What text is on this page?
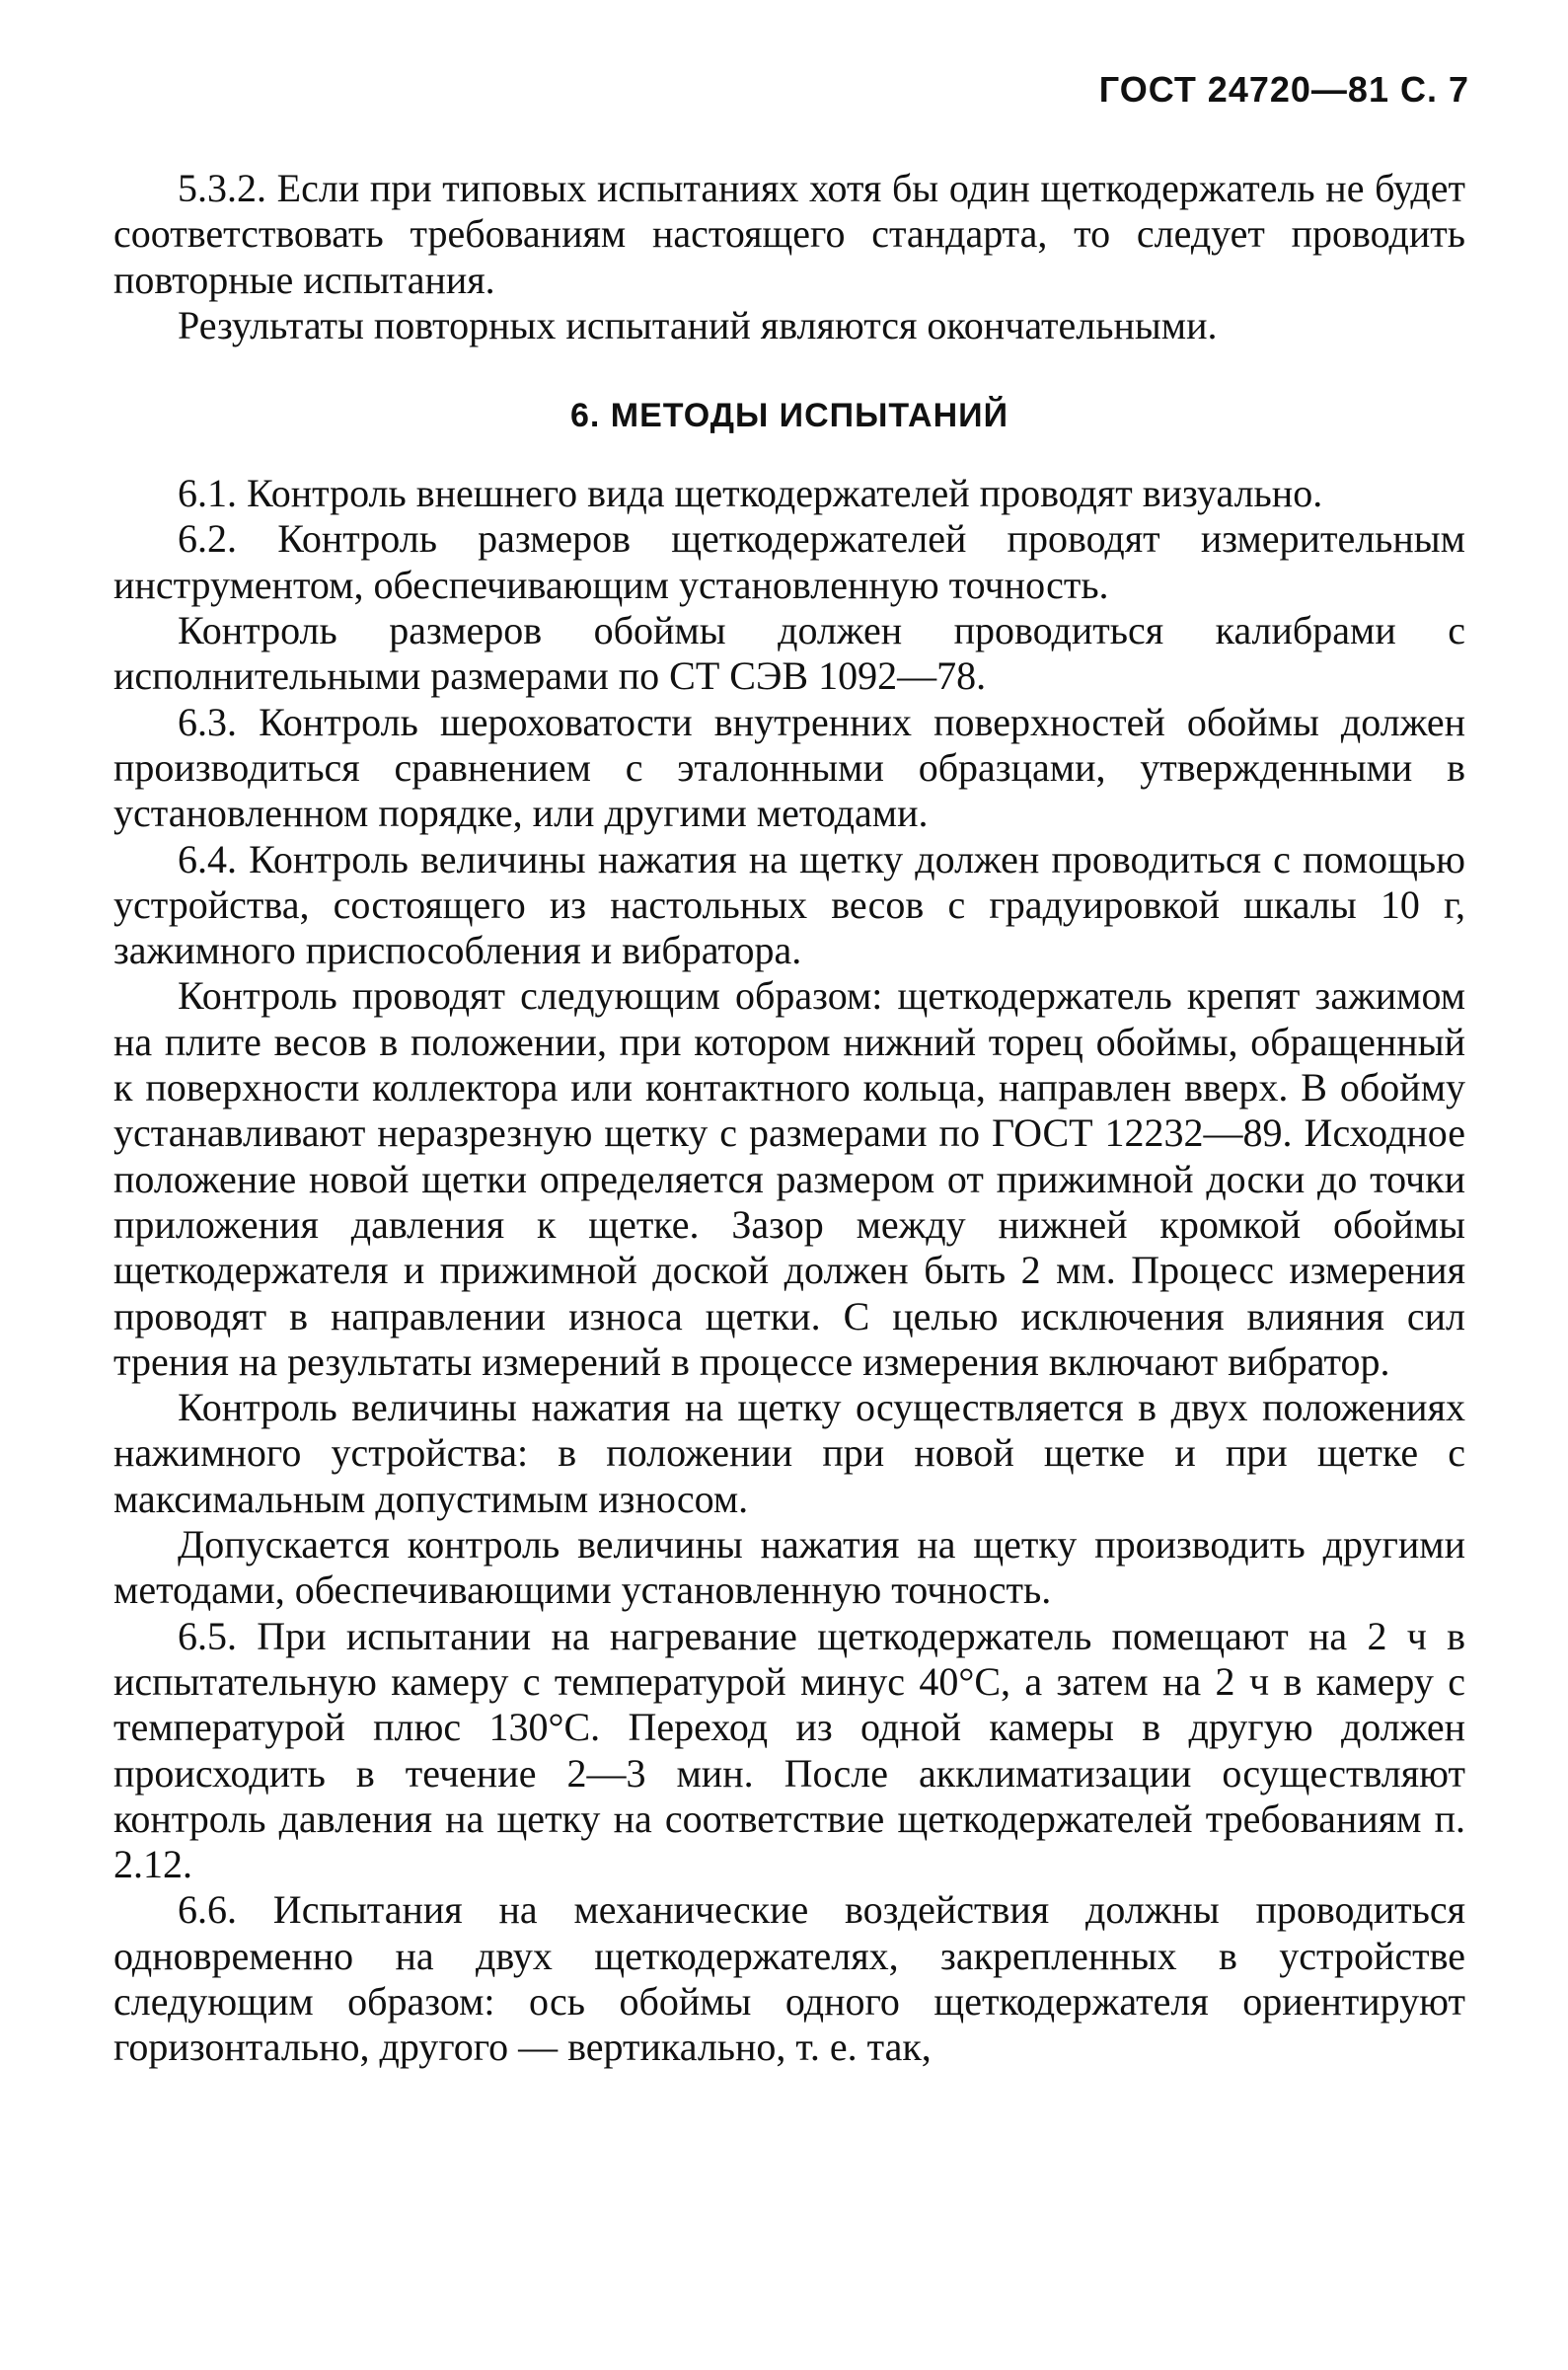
ГОСТ 24720—81 С. 7

5.3.2. Если при типовых испытаниях хотя бы один щеткодержатель не будет соответствовать требованиям настоящего стандарта, то следует проводить повторные испытания.

Результаты повторных испытаний являются окончательными.

6. МЕТОДЫ ИСПЫТАНИЙ

6.1. Контроль внешнего вида щеткодержателей проводят визуально.

6.2. Контроль размеров щеткодержателей проводят измерительным инструментом, обеспечивающим установленную точность.

Контроль размеров обоймы должен проводиться калибрами с исполнительными размерами по СТ СЭВ 1092—78.

6.3. Контроль шероховатости внутренних поверхностей обоймы должен производиться сравнением с эталонными образцами, утвержденными в установленном порядке, или другими методами.

6.4. Контроль величины нажатия на щетку должен проводиться с помощью устройства, состоящего из настольных весов с градуировкой шкалы 10 г, зажимного приспособления и вибратора.

Контроль проводят следующим образом: щеткодержатель крепят зажимом на плите весов в положении, при котором нижний торец обоймы, обращенный к поверхности коллектора или контактного кольца, направлен вверх. В обойму устанавливают неразрезную щетку с размерами по ГОСТ 12232—89. Исходное положение новой щетки определяется размером от прижимной доски до точки приложения давления к щетке. Зазор между нижней кромкой обоймы щеткодержателя и прижимной доской должен быть 2 мм. Процесс измерения проводят в направлении износа щетки. С целью исключения влияния сил трения на результаты измерений в процессе измерения включают вибратор.

Контроль величины нажатия на щетку осуществляется в двух положениях нажимного устройства: в положении при новой щетке и при щетке с максимальным допустимым износом.

Допускается контроль величины нажатия на щетку производить другими методами, обеспечивающими установленную точность.

6.5. При испытании на нагревание щеткодержатель помещают на 2 ч в испытательную камеру с температурой минус 40°С, а затем на 2 ч в камеру с температурой плюс 130°С. Переход из одной камеры в другую должен происходить в течение 2—3 мин. После акклиматизации осуществляют контроль давления на щетку на соответствие щеткодержателей требованиям п. 2.12.

6.6. Испытания на механические воздействия должны проводиться одновременно на двух щеткодержателях, закрепленных в устройстве следующим образом: ось обоймы одного щеткодержателя ориентируют горизонтально, другого — вертикально, т. е. так,
